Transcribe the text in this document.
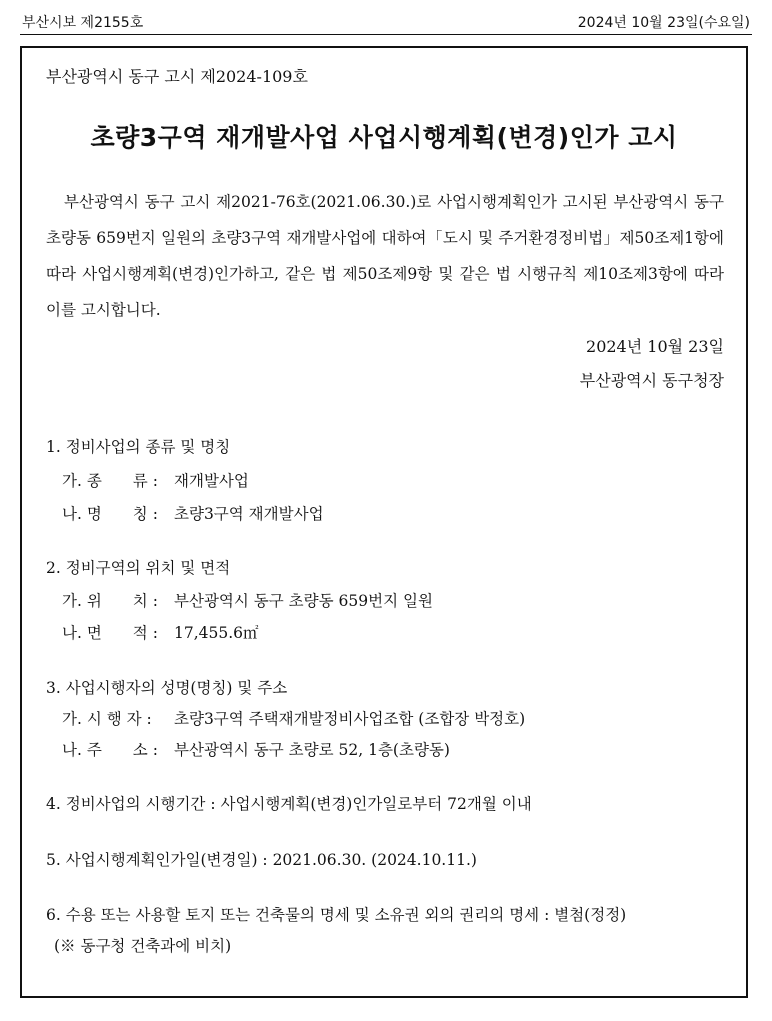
부산시보 제2155호	2024년 10월 23일(수요일)
부산광역시 동구 고시 제2024-109호
초량3구역 재개발사업 사업시행계획(변경)인가 고시
부산광역시 동구 고시 제2021-76호(2021.06.30.)로 사업시행계획인가 고시된 부산광역시 동구 초량동 659번지 일원의 초량3구역 재개발사업에 대하여「도시 및 주거환경정비법」제50조제1항에 따라 사업시행계획(변경)인가하고, 같은 법 제50조제9항 및 같은 법 시행규칙 제10조제3항에 따라 이를 고시합니다.
2024년 10월 23일
부산광역시 동구청장
1. 정비사업의 종류 및 명칭
가. 종　　류 : 재개발사업
나. 명　　칭 : 초량3구역 재개발사업
2. 정비구역의 위치 및 면적
가. 위　　치 : 부산광역시 동구 초량동 659번지 일원
나. 면　　적 : 17,455.6㎡
3. 사업시행자의 성명(명칭) 및 주소
가. 시 행 자 : 초량3구역 주택재개발정비사업조합 (조합장 박정호)
나. 주　　소 : 부산광역시 동구 초량로 52, 1층(초량동)
4. 정비사업의 시행기간 : 사업시행계획(변경)인가일로부터 72개월 이내
5. 사업시행계획인가일(변경일) : 2021.06.30. (2024.10.11.)
6. 수용 또는 사용할 토지 또는 건축물의 명세 및 소유권 외의 권리의 명세 : 별첨(정정)
(※ 동구청 건축과에 비치)
